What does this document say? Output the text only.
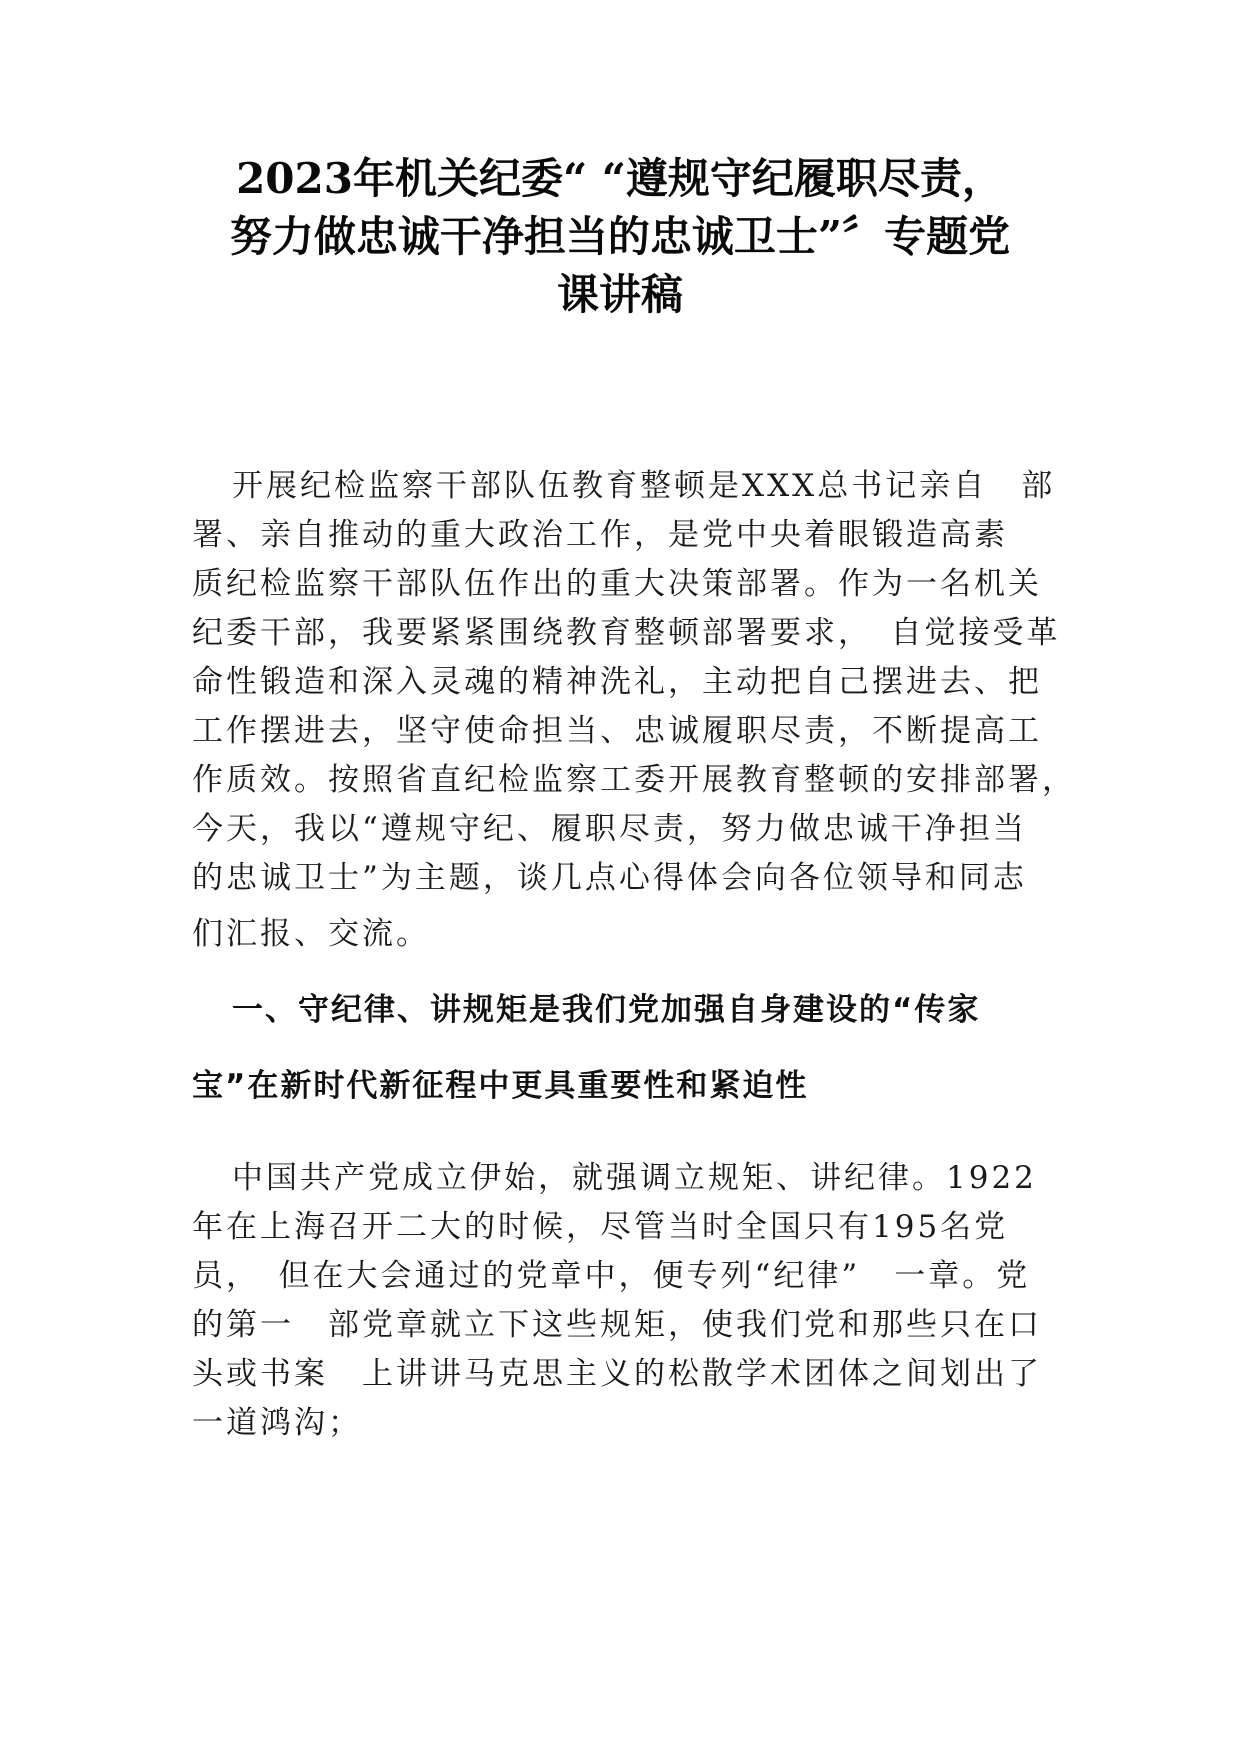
2023年机关纪委“ “遵规守纪履职尽责，
努力做忠诚干净担当的忠诚卫士”〞专题党
课讲稿
开展纪检监察干部队伍教育整顿是XXX总书记亲自　部
署、亲自推动的重大政治工作，是党中央着眼锻造高素
质纪检监察干部队伍作出的重大决策部署。作为一名机关
纪委干部，我要紧紧围绕教育整顿部署要求，　自觉接受革
命性锻造和深入灵魂的精神洗礼，主动把自己摆进去、把
工作摆进去，坚守使命担当、忠诚履职尽责，不断提高工
作质效。按照省直纪检监察工委开展教育整顿的安排部署，
今天，我以“遵规守纪、履职尽责，努力做忠诚干净担当
的忠诚卫士”为主题，谈几点心得体会向各位领导和同志
们汇报、交流。
一、守纪律、讲规矩是我们党加强自身建设的“传家
宝”在新时代新征程中更具重要性和紧迫性
中国共产党成立伊始，就强调立规矩、讲纪律。1922
年在上海召开二大的时候，尽管当时全国只有195名党
员，　但在大会通过的党章中，便专列“纪律”　一章。党
的第一　部党章就立下这些规矩，使我们党和那些只在口
头或书案　上讲讲马克思主义的松散学术团体之间划出了
一道鸿沟；
